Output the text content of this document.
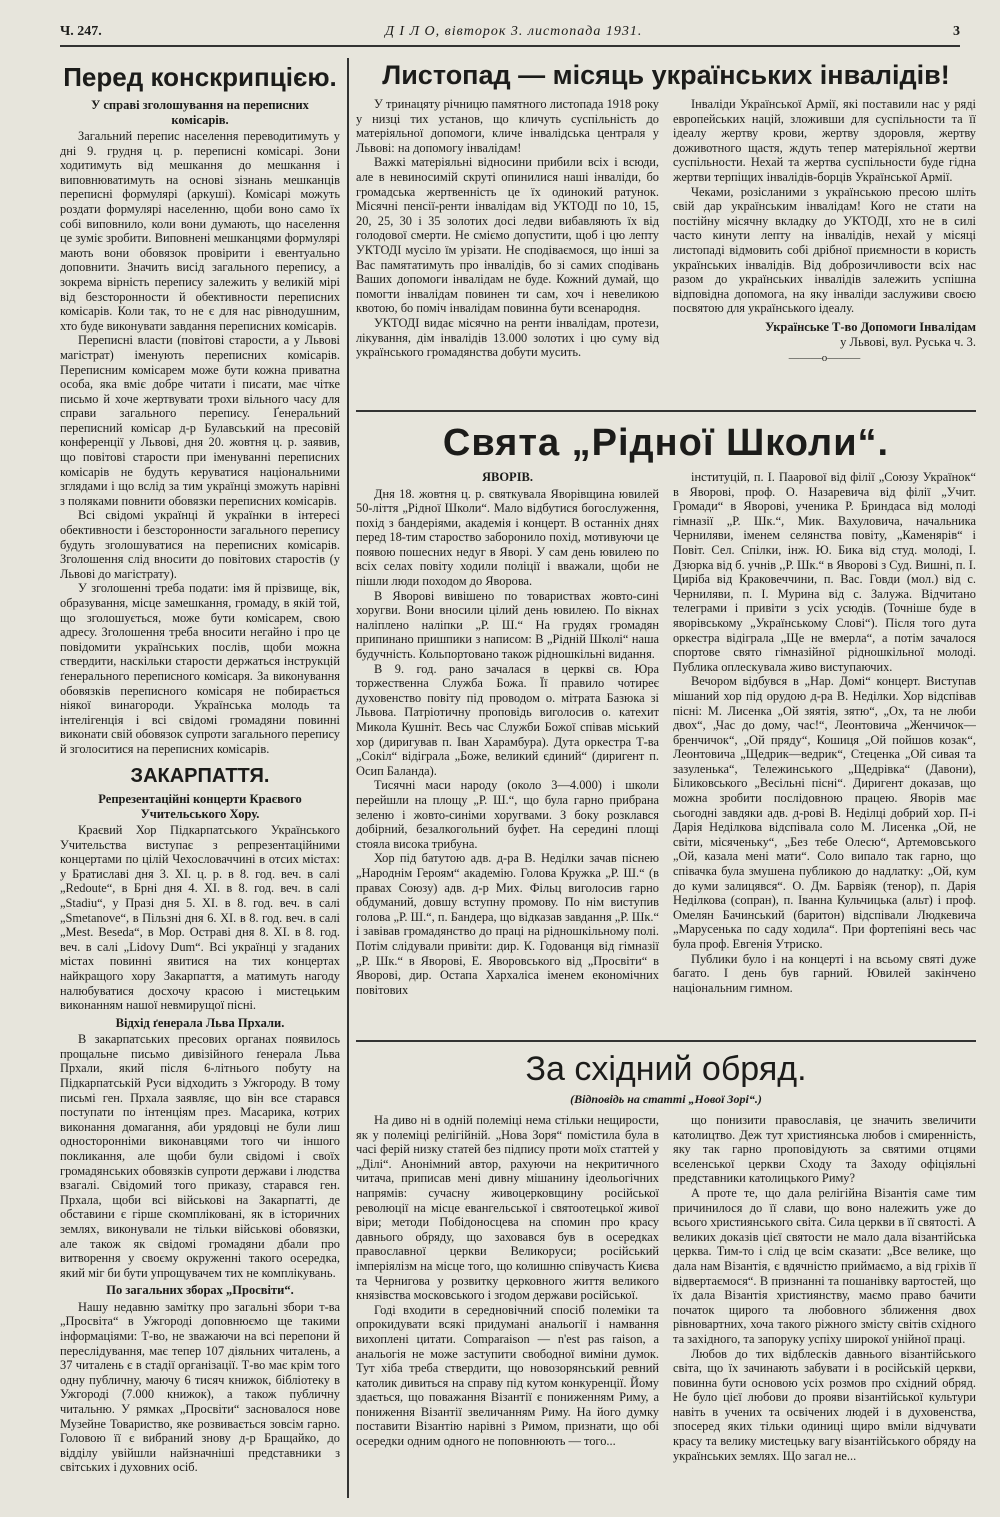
Ч. 247.	Д І Л О, вівторок 3. листопада 1931.	3
Перед конскрипцією.
У справі зголошування на переписних комісарів.

Загальний перепис населення переводитимуть у дні 9. грудня ц. р. переписні комісарі. Зони ходитимуть від мешкання до мешкання і виповнюватимуть на основі зізнань мешканців переписні формулярі (аркуші). Комісарі можуть роздати формулярі населенню, щоби воно само їх собі виповнило, коли вони думають, що населення це зуміє зробити. Виповнені мешканцями формулярі мають вони обовязок провірити і евентуально доповнити. Значить висід загального перепису, а зокрема вірність перепису залежить у великій мірі від безсторонности й обективности переписних комісарів. Коли так, то не є для нас рівнодушним, хто буде виконувати завдання переписних комісарів.

Переписні власти (повітові старости, а у Львові магістрат) іменують переписних комісарів. Переписним комісарем може бути кожна приватна особа, яка вміє добре читати і писати, має чітке письмо й хоче жертвувати трохи вільного часу для справи загального перепису. Ґенеральний переписний комісар д-р Булавський на пресовій конференції у Львові, дня 20. жовтня ц. р. заявив, що повітові старости при іменуванні переписних комісарів не будуть керуватися національними зглядами і що вслід за тим українці зможуть нарівні з поляками повнити обовязки переписних комісарів.

Всі свідомі українці й українки в інтересі обективности і безсторонности загального перепису будуть зголошуватися на переписних комісарів. Зголошення слід вносити до повітових старостів (у Львові до магістрату).

У зголошенні треба подати: імя й прізвище, вік, образування, місце замешкання, громаду, в якій той, що зголошується, може бути комісарем, свою адресу. Зголошення треба вносити негайно і про це повідомити українських послів, щоби можна ствердити, наскільки старости держаться інструкцій ґенерального переписного комісаря. За виконування обовязків переписного комісаря не побирається ніякої винагороди. Українська молодь та інтелігенція і всі свідомі громадяни повинні виконати свій обовязок супроти загального перепису й зголоситися на переписних комісарів.

ЗАКАРПАТТЯ.
Репрезентаційні концерти Краєвого Учительського Хору.

Краєвий Хор Підкарпатського Українського Учительства виступає з репрезентаційними концертами по цілій Чехословаччині в отсих містах: у Братиславі дня 3. ХІ. ц. р. в 8. год. веч. в салі „Redoute“, в Брні дня 4. ХІ. в 8. год. веч. в салі „Stadiu“, у Празі дня 5. ХІ. в 8. год. веч. в салі „Smetanove“, в Пільзні дня 6. ХІ. в 8. год. веч. в салі „Mest. Beseda“, в Мор. Остраві дня 8. ХІ. в 8. год. веч. в салі „Lidovy Dum“. Всі українці у згаданих містах повинні явитися на тих концертах найкращого хору Закарпаття, а матимуть нагоду налюбуватися досхочу красою і мистецьким виконанням нашої невмирущої пісні.

Відхід ґенерала Льва Прхали.

В закарпатських пресових органах появилось прощальне письмо дивізійного ґенерала Льва Прхали, який після 6-літнього побуту на Підкарпатській Руси відходить з Ужгороду. В тому письмі ген. Прхала заявляє, що він все старався поступати по інтенціям през. Масарика, котрих виконання домагання, аби урядовці не були лиш односторонніми виконавцями того чи іншого покликання, але щоби були свідомі і своїх громадянських обовязків супроти держави і людства взагалі. Свідомий того приказу, старався ген. Прхала, щоби всі військові на Закарпатті, де обставини є гірше скомпліковані, як в історичних землях, виконували не тільки військові обовязки, але також як свідомі громадяни дбали про витворення у своєму окруженні такого осередка, який міг би бути упрощувачем тих не комплікувань.

По загальних зборах „Просвіти“.

Нашу недавню замітку про загальні збори т-ва „Просвіта“ в Ужгороді доповнюємо ще такими інформаціями: Т-во, не зважаючи на всі перепони й переслідування, має тепер 107 діяльних читалень, а 37 читалень є в стадії організації. Т-во має крім того одну публичну, маючу 6 тисяч книжок, бібліотеку в Ужгороді (7.000 книжок), а також публичну читальню. У рямках „Просвіти“ засновалося нове Музейне Товариство, яке розвивається зовсім гарно. Головою її є вибраний знову д-р Бращайко, до відділу увійшли найзначніші представники з світських і духовних осіб.

Листопад — місяць українських інвалідів!

У тринацяту річницю памятного листопада 1918 року у низці тих установ, що кличуть суспільність до матеріяльної допомоги, кличе інвалідська централя у Львові: на допомогу інвалідам!

Важкі матеріяльні відносини прибили всіх і всюди, але в невиносимій скруті опинилися наші інваліди, бо громадська жертвенність це їх одинокий ратунок. Місячні пенсії-ренти інвалідам від УКТОДІ по 10, 15, 20, 25, 30 і 35 золотих досі ледви вибавляють їх від голодової смерти. Не сміємо допустити, щоб і цю лепту УКТОДІ мусіло їм урізати. Не сподіваємося, що інші за Вас памятатимуть про інвалідів, бо зі самих сподівань Ваших допомоги інвалідам не буде. Кожний думай, що помогти інвалідам повинен ти сам, хоч і невеликою квотою, бо поміч інвалідам повинна бути всенародня.

УКТОДІ видає місячно на ренти інвалідам, протези, лікування, дім інвалідів 13.000 золотих і цю суму від українського громадянства добути мусить.

Інваліди Української Армії, які поставили нас у ряді европейських націй, зложивши для суспільности та її ідеалу жертву крови, жертву здоровля, жертву доживотного щастя, ждуть тепер матеріяльної жертви суспільности. Нехай та жертва суспільности буде гідна жертви терпіщих інвалідів-борців Української Армії.

Чеками, розісланими з українською пресою шліть свій дар українським інвалідам! Кого не стати на постійну місячну вкладку до УКТОДІ, хто не в силі часто кинути лепту на інвалідів, нехай у місяці листопаді відмовить собі дрібної приємности в користь українських інвалідів. Від доброзичливости всіх нас разом до українських інвалідів залежить успішна відповідна допомога, на яку інваліди заслуживи своєю посвятою для українського ідеалу.

Українське Т-во Допомоги Інвалідам
у Львові, вул. Руська ч. 3.
———o———
Свята „Рідної Школи“.
ЯВОРІВ.

Дня 18. жовтня ц. р. святкувала Яворівщина ювилей 50-ліття „Рідної Школи“. Мало відбутися богослуження, похід з бандеріями, академія і концерт. В останніх днях перед 18-тим староство заборонило похід, мотивуючи це появою пошесних недуг в Яворі. У сам день ювилею по всіх селах повіту ходили поліції і вважали, щоби не пішли люди походом до Яворова.

В Яворові вивішено по товариствах жовто-сині хоругви. Вони вносили цілий день ювилею. По вікнах наліплено наліпки „Р. Ш.“ На грудях громадян припинано пришпики з написом: В „Рідній Школі“ наша будучність. Кольпортовано також рідношкільні видання.

В 9. год. рано зачалася в церкві св. Юра торжественна Служба Божа. Її правило чотиреє духовенство повіту під проводом о. мітрата Базюка зі Львова. Патріотичну проповідь виголосив о. катехит Микола Кушніт. Весь час Служби Божої співав міський хор (диригував п. Іван Харамбура). Дута оркестра Т-ва „Сокіл“ відіграла „Боже, великий єдиний“ (диригент п. Осип Баланда).

Тисячні маси народу (около 3—4.000) і школи перейшли на площу „Р. Ш.“, що була гарно прибрана зеленю і жовто-синіми хоругвами. З боку розклався добірний, безалкогольний буфет. На середині площі стояла висока трибуна.

Хор під батутою адв. д-ра В. Неділки зачав піснею „Народнім Героям“ академію. Голова Кружка „Р. Ш.“ (в правах Союзу) адв. д-р Мих. Фільц виголосив гарно обдуманий, довшу вступну промову. По нім виступив голова „Р. Ш.“, п. Бандера, що відказав завдання „Р. Шк.“ і завівав громадянство до праці на рідношкільному полі. Потім слідували привіти: дир. К. Годованця від гімназії „Р. Шк.“ в Яворові, Е. Яворовського від „Просвіти“ в Яворові, дир. Остапа Хархаліса іменем економічних повітових

інституцій, п. І. Паарової від філії „Союзу Українок“ в Яворові, проф. О. Назаревича від філії „Учит. Громади“ в Яворові, ученика Р. Бриндаса від молоді гімназії „Р. Шк.“, Мик. Вахуловича, начальника Черниляви, іменем селянства повіту, „Каменярів“ і Повіт. Сел. Спілки, інж. Ю. Бика від студ. молоді, І. Дзюрка від б. учнів ,,Р. Шк.“ в Яворові з Суд. Вишні, п. І. Циріба від Краковеччини, п. Вас. Говди (мол.) від с. Черниляви, п. І. Мурина від с. Залужа. Відчитано телеграми і привіти з усіх усюдів. (Точніше буде в яворівському „Українському Слові“). Після того дута оркестра відіграла „Ще не вмерла“, а потім зачалося спортове свято гімназійної рідношкільної молоді. Публика оплескувала живо виступаючих.

Вечором відбувся в „Нар. Домі“ концерт. Виступав мішаний хор під орудою д-ра В. Неділки. Хор відспівав пісні: М. Лисенка „Ой зяятія, зятю“, „Ох, та не люби двох“, „Час до домy, час!“, Леонтовича „Женчичок—бренчичок“, „Ой пряду“, Кошиця „Ой пойшов козак“, Леонтовича „Щедрик—ведрик“, Стеценка „Ой сивая та зазуленька“, Тележинського „Щедрівка“ (Давони), Біликовського „Весільні пісні“. Диригент доказав, що можна зробити послідовною працею. Яворів має сьогодні завдяки адв. д-рові В. Неділці добрий хор. П-і Дарія Неділкова відспівала соло М. Лисенка „Ой, не світи, місяченьку“, „Без тебе Олесю“, Артемовського „Ой, казала мені мати“. Соло випало так гарно, що співачка була змушена публикою до надлатку: „Ой, кум до куми залицявся“. О. Дм. Барвіяк (тенор), п. Дарія Неділкова (сопран), п. Іванна Кульчицька (альт) і проф. Омелян Бачинський (баритон) відспівали Людкевича „Марусенька по саду ходила“. При фортепіяні весь час була проф. Евгенія Утриско.

Публики було і на концерті і на всьому святі дуже багато. І день був гарний. Ювилей закінчено національним гимном.

За східний обряд.
(Відповідь на статті „Нової Зорі“.)

На диво ні в одній полеміці нема стільки нещирости, як у полеміці релігійній. „Нова Зоря“ помістила була в часі ферій низку статей без підпису проти моїх статтей у „Ділі“. Анонімний автор, рахуючи на некритичного читача, приписав мені дивну мішанину ідеольогічних напрямів: сучасну живоцерковщину російської революції на місце евангельської і святоотецької живої віри; методи Побідоносцева на спомин про красу давнього обряду, що заховався був в осередках православної церкви Великоруси; російський імперіялізм на місце того, що колишню співучасть Києва та Чернигова у розвитку церковного життя великого князівства московського і згодом держави російської.

Годі входити в середновічний спосіб полеміки та опрокидувати всякі придумані анальогії і намвання вихоплені цитати. Comparaison — n'est pas raison, а анальогія не може заступити свободної виміни думок. Тут хіба треба ствердити, що новозорянський ревний католик дивиться на справу під кутом конкуренції. Йому здається, що поважання Візантії є пониженням Риму, а пониження Візантії звеличанням Риму. На його думку поставити Візантію нарівні з Римом, признати, що обі осередки одним одного не поповнюють — того...

що понизити православія, це значить звеличити католицтво. Деж тут християнська любов і смиренність, яку так гарно проповідують за святими отцями вселенської церкви Сходу та Заходу офіціяльні представники католицького Риму?

А проте те, що дала релігійна Візантія саме тим причинилося до її слави, що воно належить уже до всього християнського світа. Сила церкви в її святості. А великих доказів цієї святости не мало дала візантійська церква. Тим-то і слід це всім сказати: „Все велике, що дала нам Візантія, є вдячністю приймаємо, а від гріхів її відвертаємося“. В признанні та пошанівку вартостей, що їх дала Візантія християнству, маємо право бачити початок щирого та любовного зближення двох рівновартних, хоча такого ріжного змісту світів східного та західного, та запоруку успіху широкої унійної праці.

Любов до тих відблесків давнього візантійського світа, що їх зачинають забувати і в російській церкви, повинна бути основою усіх розмов про східний обряд. Не було цієї любови до прояви візантійської культури навіть в учених та освічених людей і в духовенства, зпосеред яких тільки одиниці щиро вміли відчувати красу та велику мистецьку вагу візантійського обряду на українських землях. Що загал не...
